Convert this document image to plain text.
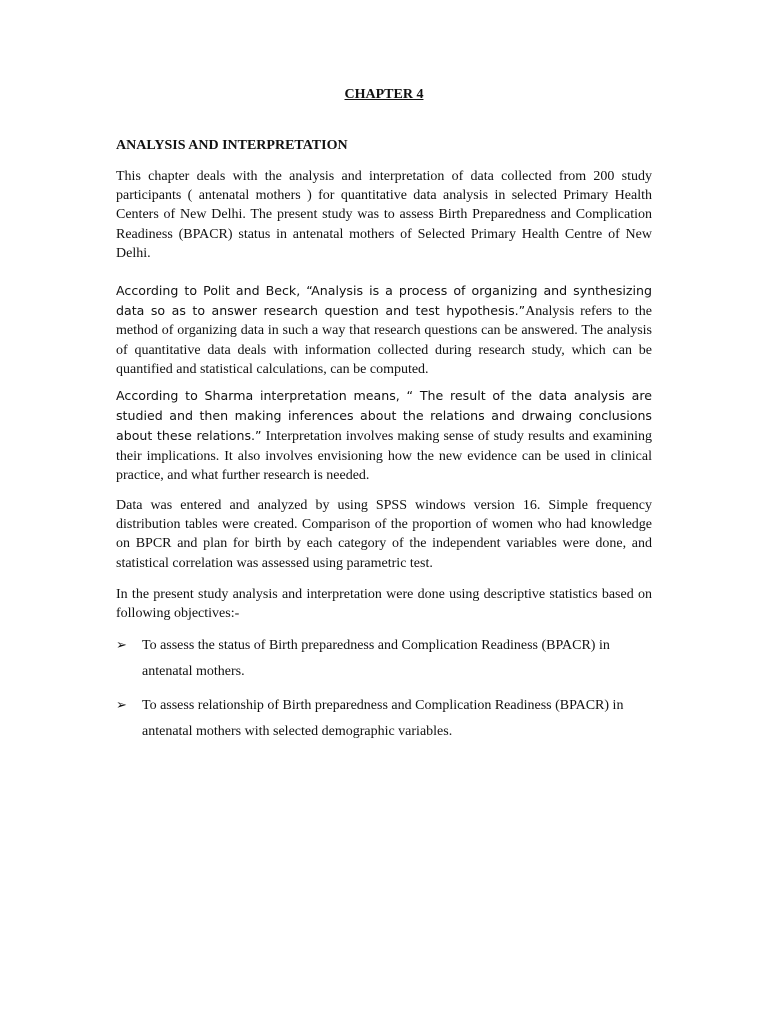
CHAPTER 4
ANALYSIS AND INTERPRETATION
This chapter deals with the analysis and interpretation of data collected from 200 study participants ( antenatal mothers ) for quantitative data analysis in selected Primary Health Centers of New Delhi. The present study was to assess Birth Preparedness and Complication Readiness (BPACR) status in antenatal mothers of Selected Primary Health Centre of New Delhi.
According to Polit and Beck, “Analysis is a process of organizing and synthesizing data so as to answer research question and test hypothesis.”Analysis refers to the method of organizing data in such a way that research questions can be answered. The analysis of quantitative data deals with information collected during research study, which can be quantified and statistical calculations, can be computed.
According to Sharma interpretation means, “ The result of the data analysis are studied and then making inferences about the relations and drwaing conclusions about these relations.” Interpretation involves making sense of study results and examining their implications. It also involves envisioning how the new evidence can be used in clinical practice, and what further research is needed.
Data was entered and analyzed by using SPSS windows version 16. Simple frequency distribution tables were created. Comparison of the proportion of women who had knowledge on BPCR and plan for birth by each category of the independent variables were done, and statistical correlation was assessed using parametric test.
In the present study analysis and interpretation were done using descriptive statistics based on following objectives:-
➢	To assess the status of Birth preparedness and Complication Readiness (BPACR) in antenatal mothers.
➢	To assess relationship of Birth preparedness and Complication Readiness (BPACR) in antenatal mothers with selected demographic variables.
